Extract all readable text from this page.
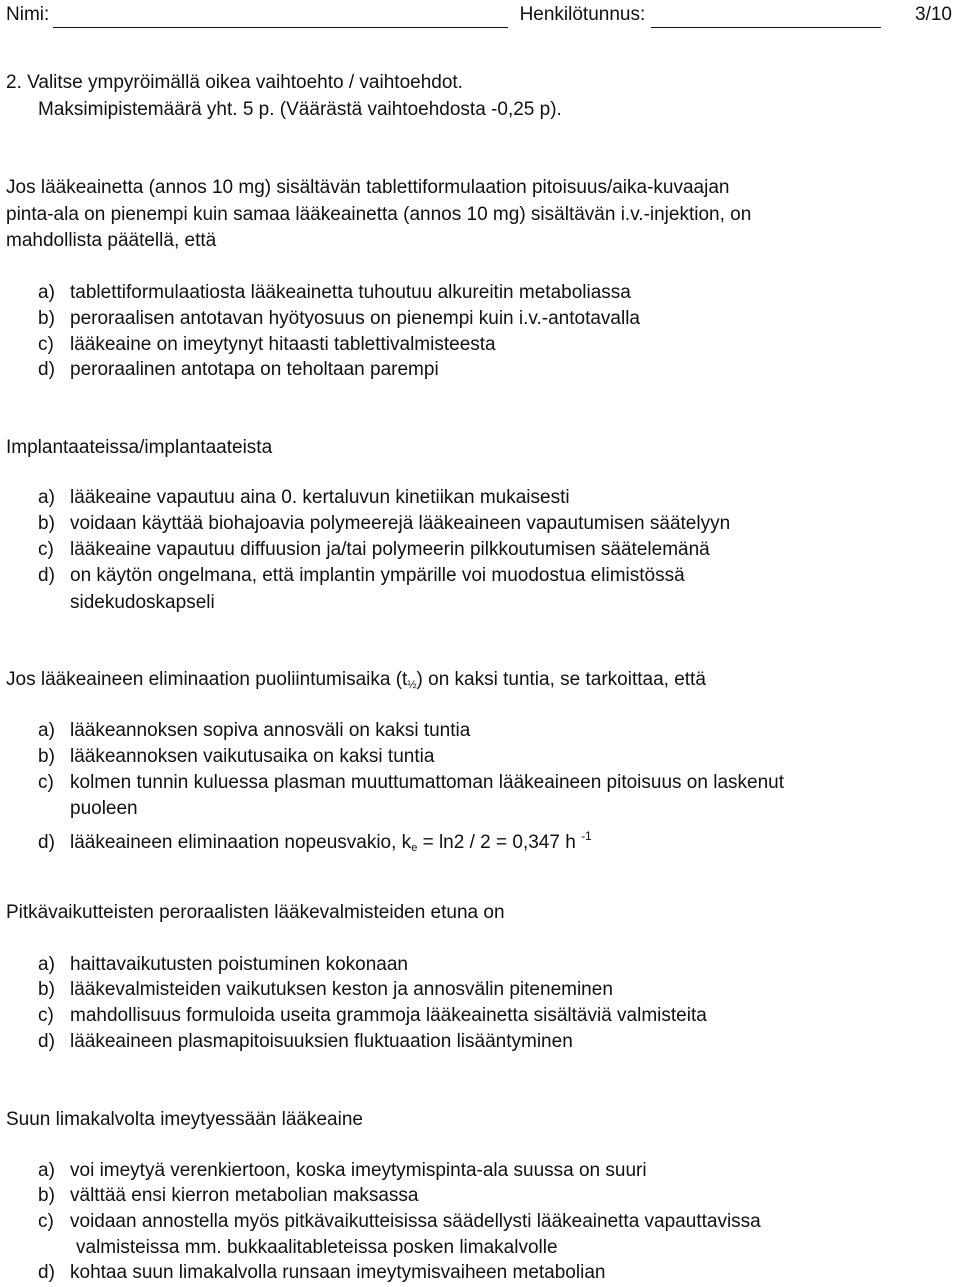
Nimi:	Henkilötunnus:	3/10
2. Valitse ympyröimällä oikea vaihtoehto / vaihtoehdot.
Maksimipistemäärä yht. 5 p. (Väärästä vaihtoehdosta -0,25 p).
Jos lääkeainetta (annos 10 mg) sisältävän tablettiformulaation pitoisuus/aika-kuvaajan
pinta-ala on pienempi kuin samaa lääkeainetta (annos 10 mg) sisältävän i.v.-injektion, on
mahdollista päätellä, että
a) tablettiformulaatiosta lääkeainetta tuhoutuu alkureitin metaboliassa
b) peroraalisen antotavan hyötyosuus on pienempi kuin i.v.-antotavalla
c) lääkeaine on imeytynyt hitaasti tablettivalmisteesta
d) peroraalinen antotapa on teholtaan parempi
Implantaateissa/implantaateista
a) lääkeaine vapautuu aina 0. kertaluvun kinetiikan mukaisesti
b) voidaan käyttää biohajoavia polymeerejä lääkeaineen vapautumisen säätelyyn
c) lääkeaine vapautuu diffuusion ja/tai polymeerin pilkkoutumisen säätelemänä
d) on käytön ongelmana, että implantin ympärille voi muodostua elimistössä
sidekudoskapseli
Jos lääkeaineen eliminaation puoliintumisaika $(t_{\frac{1}{2}})$ on kaksi tuntia, se tarkoittaa, että
a) lääkeannoksen sopiva annosväli on kaksi tuntia
b) lääkeannoksen vaikutusaika on kaksi tuntia
c) kolmen tunnin kuluessa plasman muuttumattoman lääkeaineen pitoisuus on laskenut
puoleen
d) lääkeaineen eliminaation nopeusvakio, $k_e = \ln 2 / 2 = 0,347$ h $^{-1}$
Pitkävaikutteisten peroraalisten lääkevalmisteiden etuna on
a) haittavaikutusten poistuminen kokonaan
b) lääkevalmisteiden vaikutuksen keston ja annosvälin piteneminen
c) mahdollisuus formuloida useita grammoja lääkeainetta sisältäviä valmisteita
d) lääkeaineen plasmapitoisuuksien fluktuaation lisääntyminen
Suun limakalvolta imeytyessään lääkeaine
a) voi imeytyä verenkiertoon, koska imeytymispinta-ala suussa on suuri
b) välttää ensi kierron metabolian maksassa
c) voidaan annostella myös pitkävaikutteisissa säädellysti lääkeainetta vapauttavissa
valmisteissa mm. bukkaalitableteissa posken limakalvolle
d) kohtaa suun limakalvolla runsaan imeytymisvaiheen metabolian
